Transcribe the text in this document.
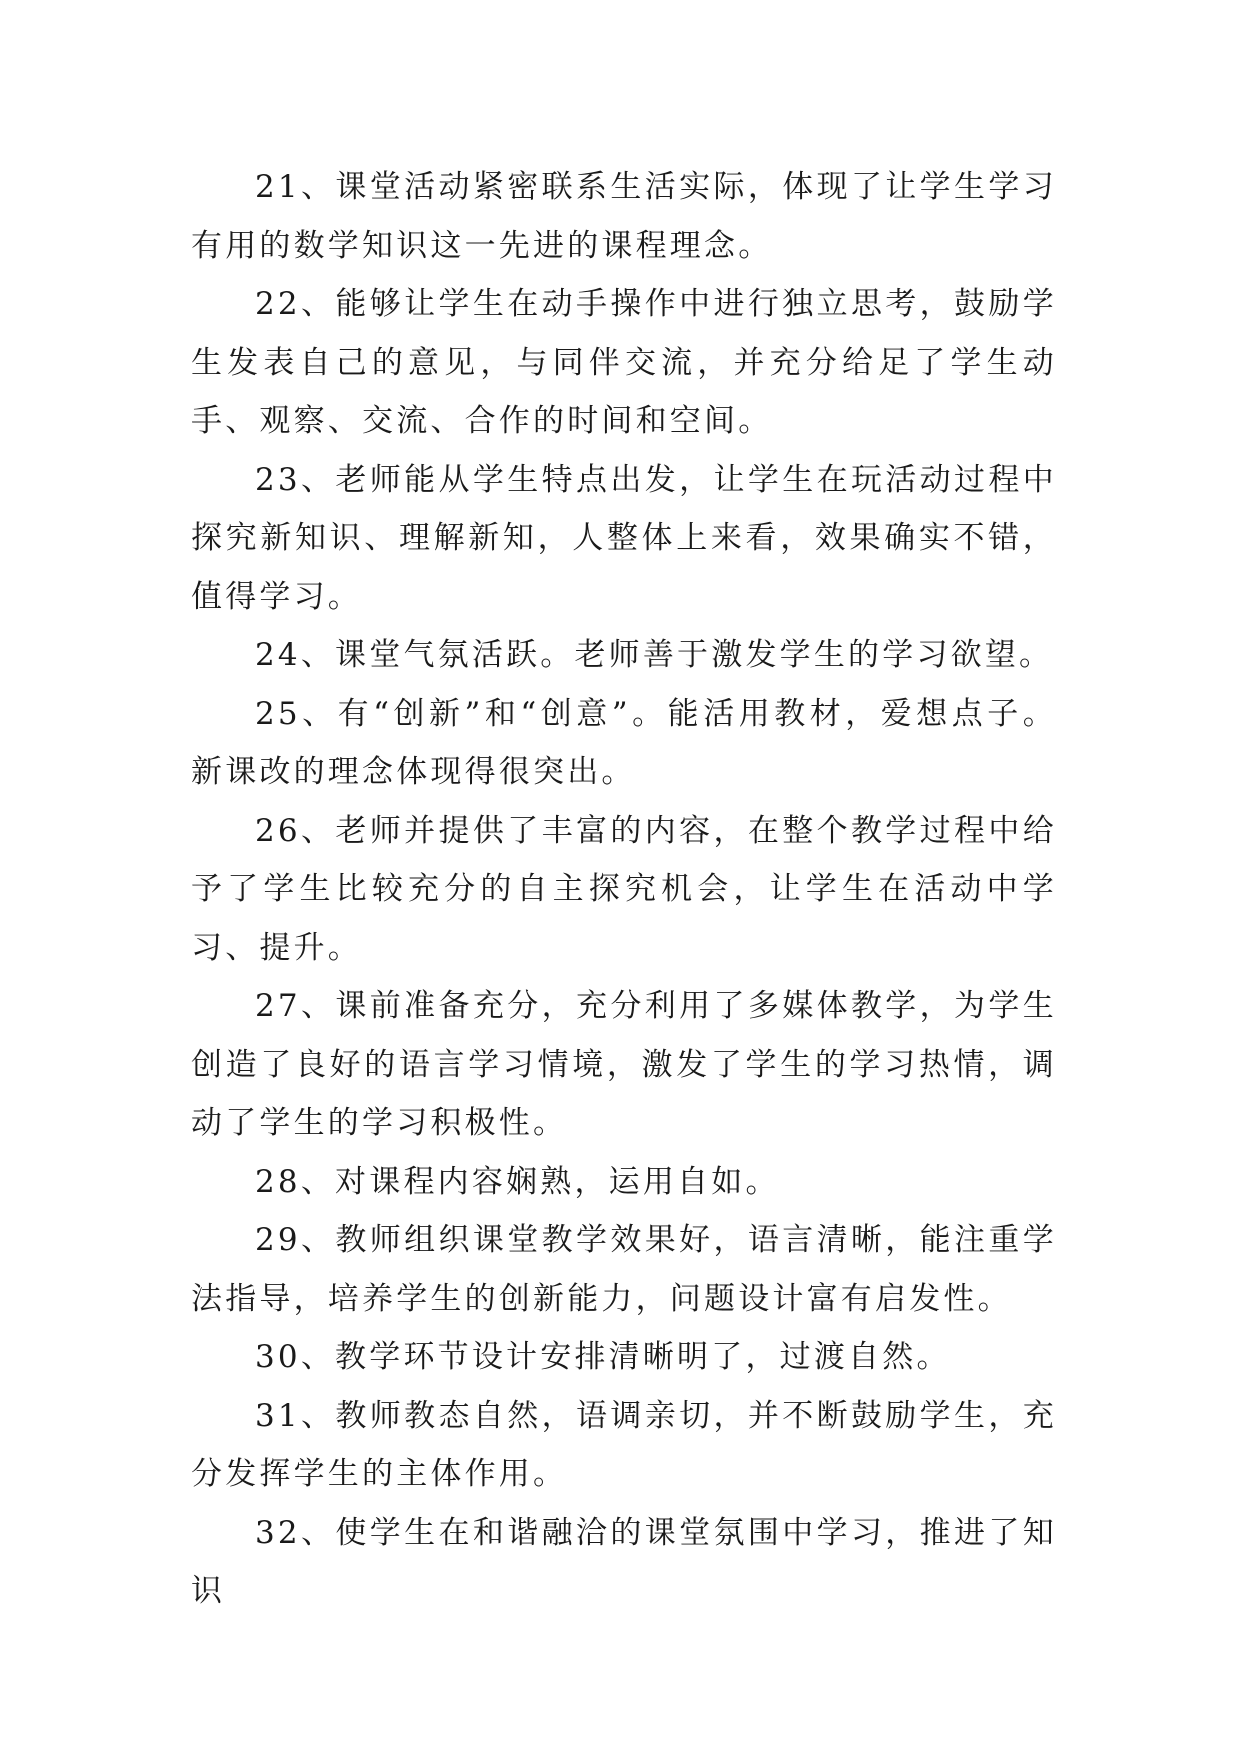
21、课堂活动紧密联系生活实际，体现了让学生学习有用的数学知识这一先进的课程理念。

22、能够让学生在动手操作中进行独立思考，鼓励学生发表自己的意见，与同伴交流，并充分给足了学生动手、观察、交流、合作的时间和空间。

23、老师能从学生特点出发，让学生在玩活动过程中探究新知识、理解新知，人整体上来看，效果确实不错，值得学习。

24、课堂气氛活跃。老师善于激发学生的学习欲望。

25、有“创新”和“创意”。能活用教材，爱想点子。新课改的理念体现得很突出。

26、老师并提供了丰富的内容，在整个教学过程中给予了学生比较充分的自主探究机会，让学生在活动中学习、提升。

27、课前准备充分，充分利用了多媒体教学，为学生创造了良好的语言学习情境，激发了学生的学习热情，调动了学生的学习积极性。

28、对课程内容娴熟，运用自如。

29、教师组织课堂教学效果好，语言清晰，能注重学法指导，培养学生的创新能力，问题设计富有启发性。

30、教学环节设计安排清晰明了，过渡自然。

31、教师教态自然，语调亲切，并不断鼓励学生，充分发挥学生的主体作用。

32、使学生在和谐融洽的课堂氛围中学习，推进了知识
